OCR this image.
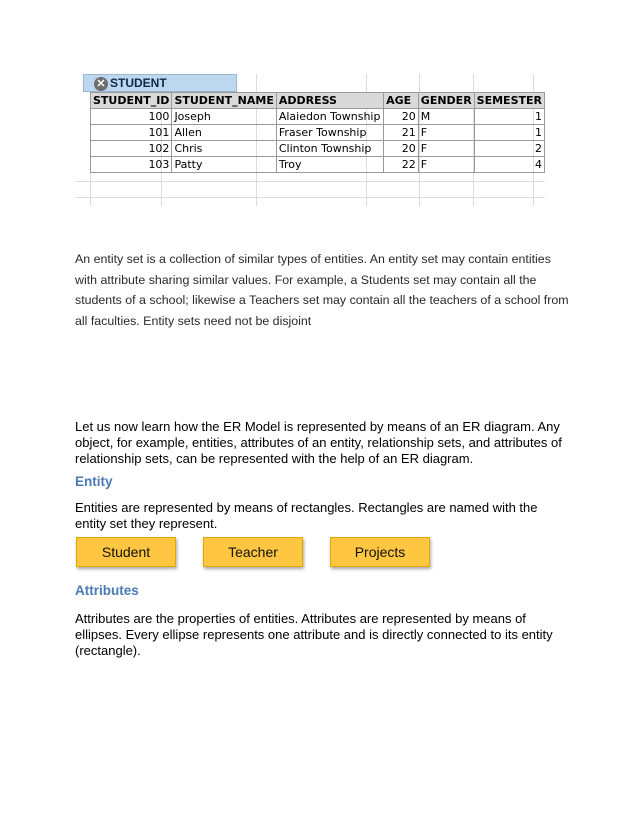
✕ STUDENT
STUDENT_ID	STUDENT_NAME	ADDRESS	AGE	GENDER	SEMESTER
100	Joseph	Alaiedon Township	20	M	1
101	Allen	Fraser Township	21	F	1
102	Chris	Clinton Township	20	F	2
103	Patty	Troy	22	F	4

An entity set is a collection of similar types of entities. An entity set may contain entities with attribute sharing similar values. For example, a Students set may contain all the students of a school; likewise a Teachers set may contain all the teachers of a school from all faculties. Entity sets need not be disjoint

Let us now learn how the ER Model is represented by means of an ER diagram. Any object, for example, entities, attributes of an entity, relationship sets, and attributes of relationship sets, can be represented with the help of an ER diagram.

Entity

Entities are represented by means of rectangles. Rectangles are named with the entity set they represent.

Student	Teacher	Projects
Attributes

Attributes are the properties of entities. Attributes are represented by means of ellipses. Every ellipse represents one attribute and is directly connected to its entity (rectangle).
